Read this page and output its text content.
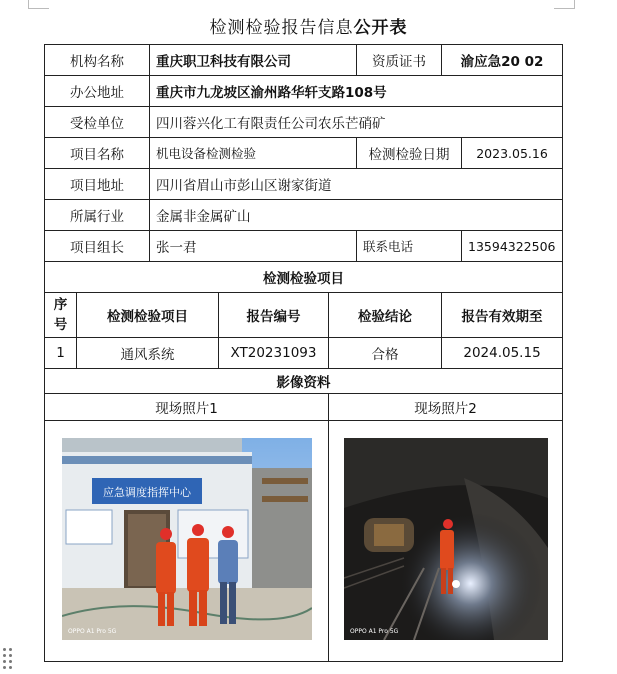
检测检验报告信息公开表
机构名称		重庆职卫科技有限公司			资质证书	渝应急20 02	
办公地址		重庆市九龙坡区渝州路华轩支路108号					
受检单位		四川蓉兴化工有限责任公司农乐芒硝矿					
项目名称		机电设备检测检验			检测检验日期		2023.05.16
项目地址		四川省眉山市彭山区谢家街道					
所属行业		金属非金属矿山					
项目组长		张一君			联系电话		13594322506
检测检验项目							
序号	检测检验项目		报告编号	检验结论		报告有效期至	
1	通风系统		XT20231093	合格		2024.05.15	
影像资料							
现场照片1				现场照片2			

应急调度指挥中心
OPPO A1 Pro 5G				OPPO A1 Pro 5G			
